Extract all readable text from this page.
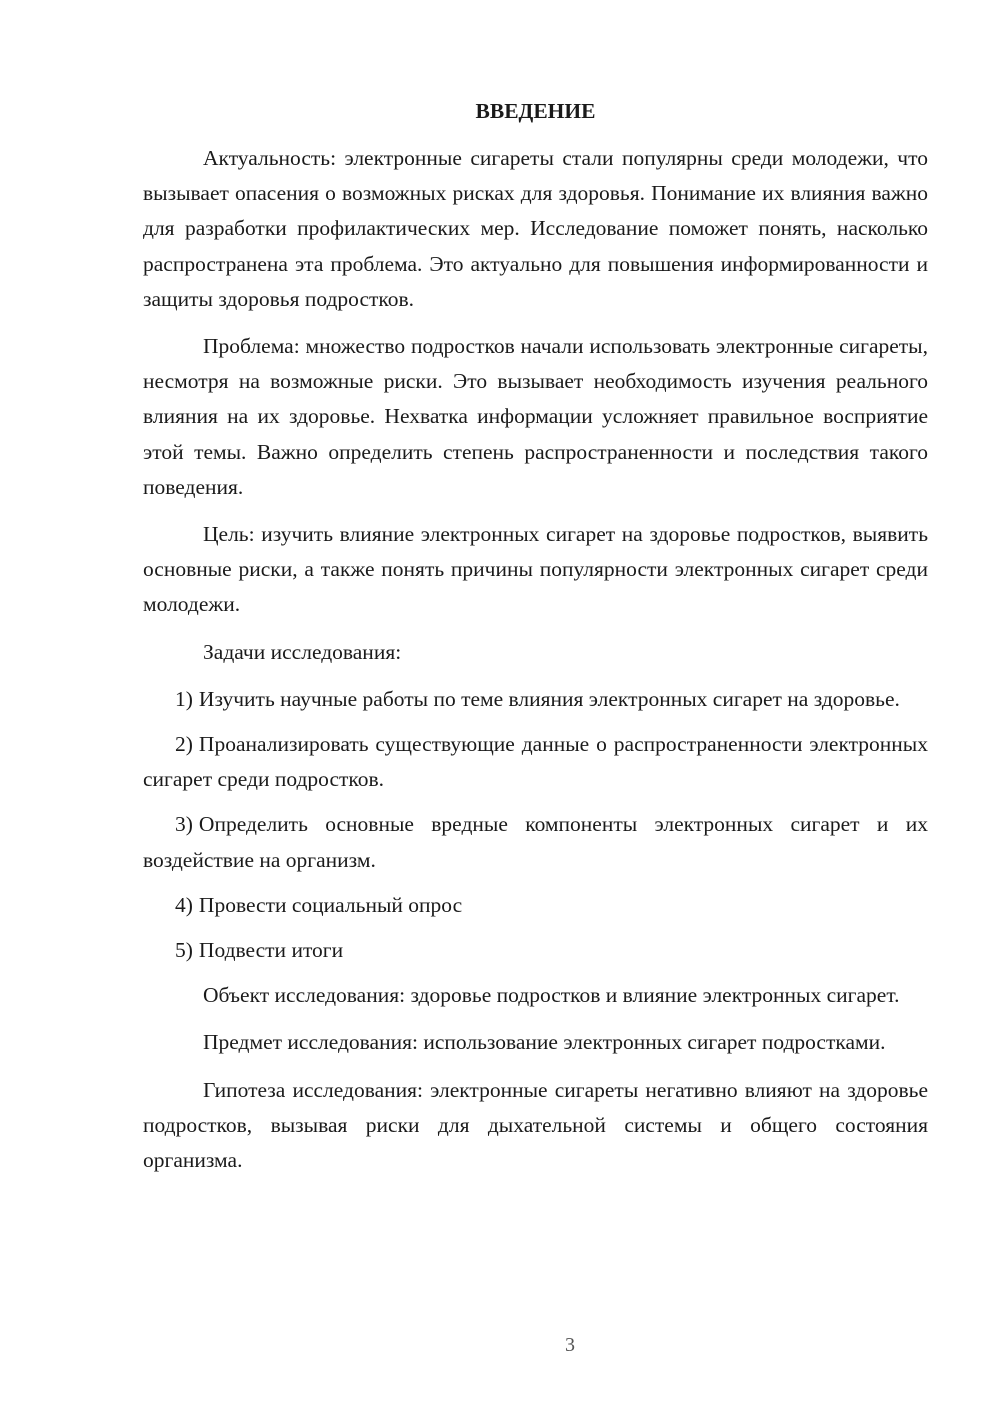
ВВЕДЕНИЕ

Актуальность: электронные сигареты стали популярны среди молодежи, что вызывает опасения о возможных рисках для здоровья. Понимание их влияния важно для разработки профилактических мер. Исследование поможет понять, насколько распространена эта проблема. Это актуально для повышения информированности и защиты здоровья подростков.

Проблема: множество подростков начали использовать электронные сигареты, несмотря на возможные риски. Это вызывает необходимость изучения реального влияния на их здоровье. Нехватка информации усложняет правильное восприятие этой темы. Важно определить степень распространенности и последствия такого поведения.

Цель: изучить влияние электронных сигарет на здоровье подростков, выявить основные риски, а также понять причины популярности электронных сигарет среди молодежи.

Задачи исследования:

1) Изучить научные работы по теме влияния электронных сигарет на здоровье.

2) Проанализировать существующие данные о распространенности электронных сигарет среди подростков.

3) Определить основные вредные компоненты электронных сигарет и их воздействие на организм.

4) Провести социальный опрос

5) Подвести итоги

Объект исследования: здоровье подростков и влияние электронных сигарет.

Предмет исследования: использование электронных сигарет подростками.

Гипотеза исследования: электронные сигареты негативно влияют на здоровье подростков, вызывая риски для дыхательной системы и общего состояния организма.

3
